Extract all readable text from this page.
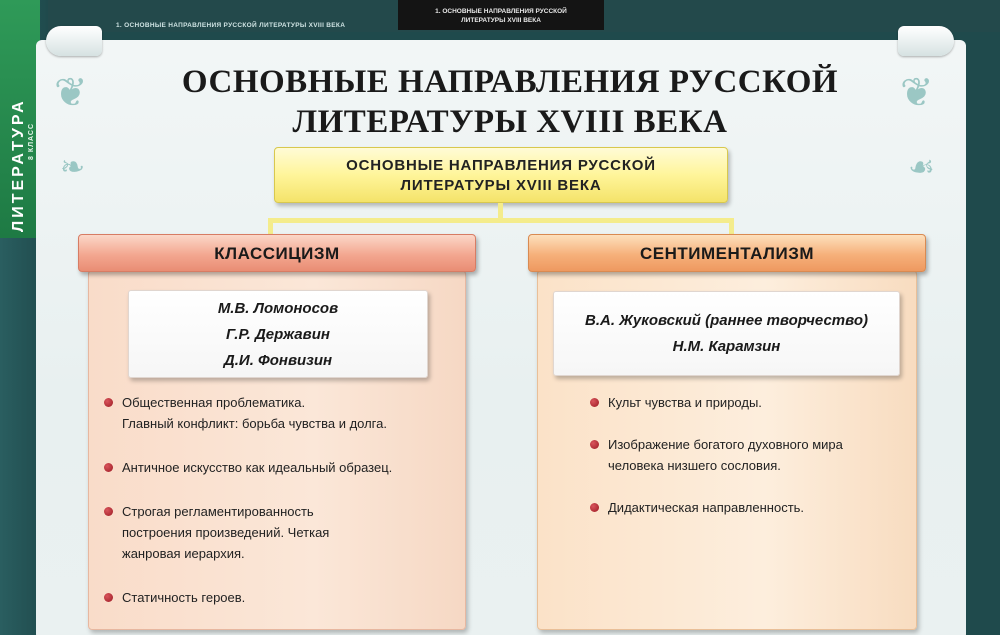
ЛИТЕРАТУРА 8 КЛАСС
1. ОСНОВНЫЕ НАПРАВЛЕНИЯ РУССКОЙ ЛИТЕРАТУРЫ XVIII ВЕКА
1. ОСНОВНЫЕ НАПРАВЛЕНИЯ РУССКОЙ
ЛИТЕРАТУРЫ XVIII ВЕКА
❦	❦
❧	☙
ОСНОВНЫЕ НАПРАВЛЕНИЯ РУССКОЙ
ЛИТЕРАТУРЫ XVIII ВЕКА
ОСНОВНЫЕ НАПРАВЛЕНИЯ РУССКОЙ
ЛИТЕРАТУРЫ XVIII ВЕКА
КЛАССИЦИЗМ
М.В. Ломоносов
Г.Р. Державин
Д.И. Фонвизин
Общественная проблематика.
Главный конфликт: борьба чувства и долга.
Античное искусство как идеальный образец.
Строгая регламентированность
построения произведений. Четкая
жанровая иерархия.
Статичность героев.
СЕНТИМЕНТАЛИЗМ
В.А. Жуковский (раннее творчество)
Н.М. Карамзин
Культ чувства и природы.
Изображение богатого духовного мира
человека низшего сословия.
Дидактическая направленность.
